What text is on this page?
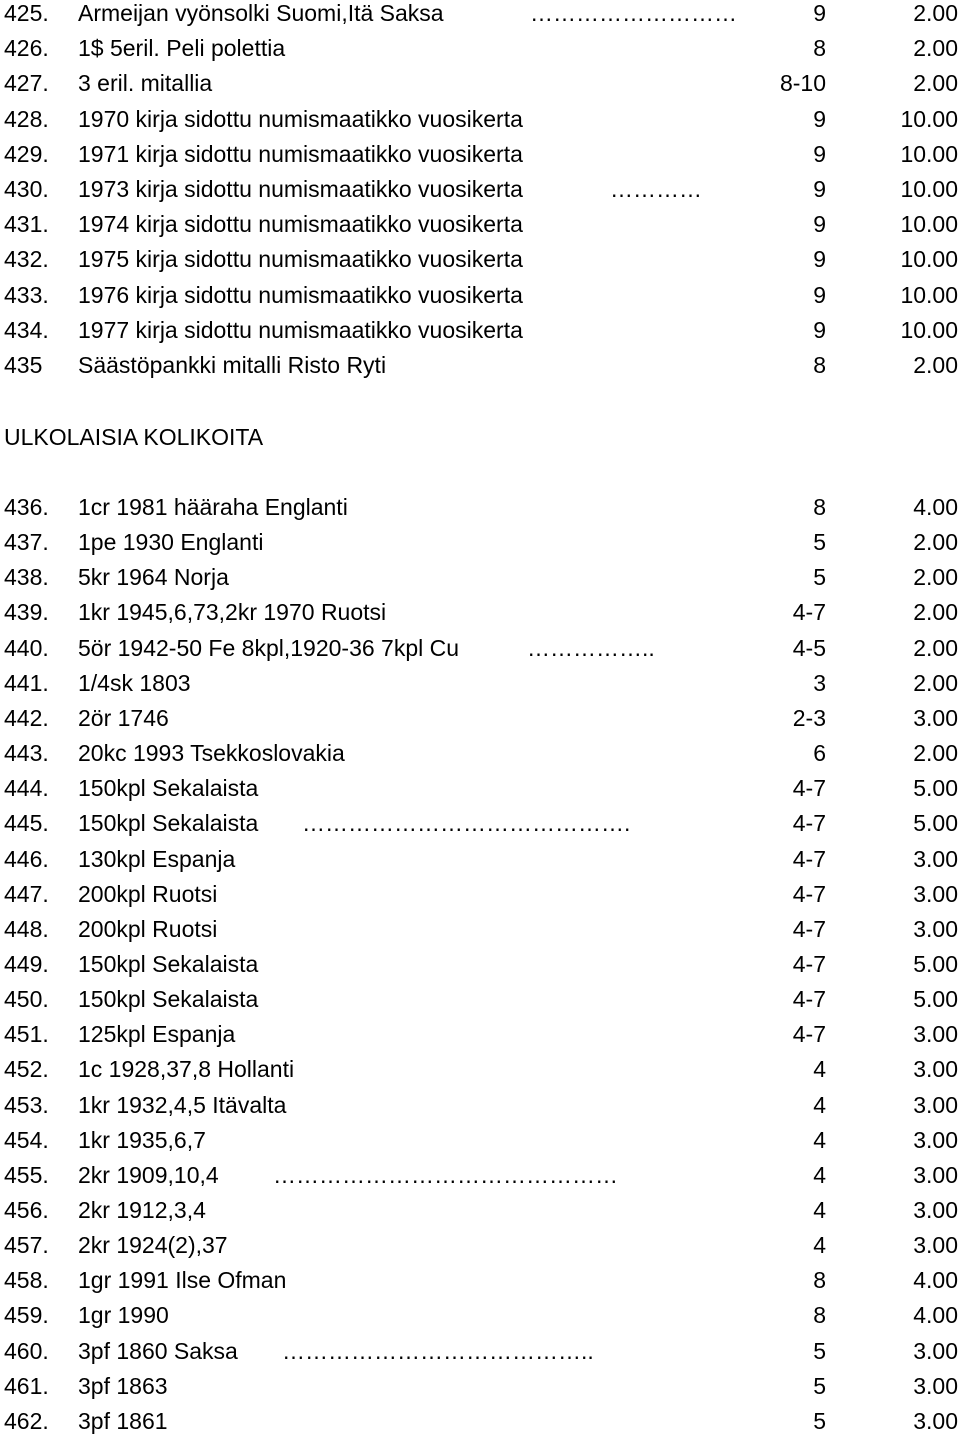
ULKOLAISIA KOLIKOITA
425. Armeijan vyönsolki Suomi,Itä Saksa	………………………	9	2.00
426. 1$ 5eril. Peli polettia	8	2.00
427. 3 eril. mitallia	8-10	2.00
428. 1970 kirja sidottu numismaatikko vuosikerta	9	10.00
429. 1971 kirja sidottu numismaatikko vuosikerta	9	10.00
430. 1973 kirja sidottu numismaatikko vuosikerta	…………	9	10.00
431. 1974 kirja sidottu numismaatikko vuosikerta	9	10.00
432. 1975 kirja sidottu numismaatikko vuosikerta	9	10.00
433. 1976 kirja sidottu numismaatikko vuosikerta	9	10.00
434. 1977 kirja sidottu numismaatikko vuosikerta	9	10.00
435 Säästöpankki mitalli Risto Ryti	8	2.00
436. 1cr 1981 hääraha Englanti	8	4.00
437. 1pe 1930 Englanti	5	2.00
438. 5kr 1964 Norja	5	2.00
439. 1kr 1945,6,73,2kr 1970 Ruotsi	4-7	2.00
440. 5ör 1942-50 Fe 8kpl,1920-36 7kpl Cu	……………..	4-5	2.00
441. 1/4sk 1803	3	2.00
442. 2ör 1746	2-3	3.00
443. 20kc 1993 Tsekkoslovakia	6	2.00
444. 150kpl Sekalaista	4-7	5.00
445. 150kpl Sekalaista …………………………………….	4-7	5.00
446. 130kpl Espanja	4-7	3.00
447. 200kpl Ruotsi	4-7	3.00
448. 200kpl Ruotsi	4-7	3.00
449. 150kpl Sekalaista	4-7	5.00
450. 150kpl Sekalaista	4-7	5.00
451. 125kpl Espanja	4-7	3.00
452. 1c 1928,37,8 Hollanti	4	3.00
453. 1kr 1932,4,5 Itävalta	4	3.00
454. 1kr 1935,6,7	4	3.00
455. 2kr 1909,10,4 ………………………………………	4	3.00
456. 2kr 1912,3,4	4	3.00
457. 2kr 1924(2),37	4	3.00
458. 1gr 1991 Ilse Ofman	8	4.00
459. 1gr 1990	8	4.00
460. 3pf 1860 Saksa …………………………………..	5	3.00
461. 3pf 1863	5	3.00
462. 3pf 1861	5	3.00
